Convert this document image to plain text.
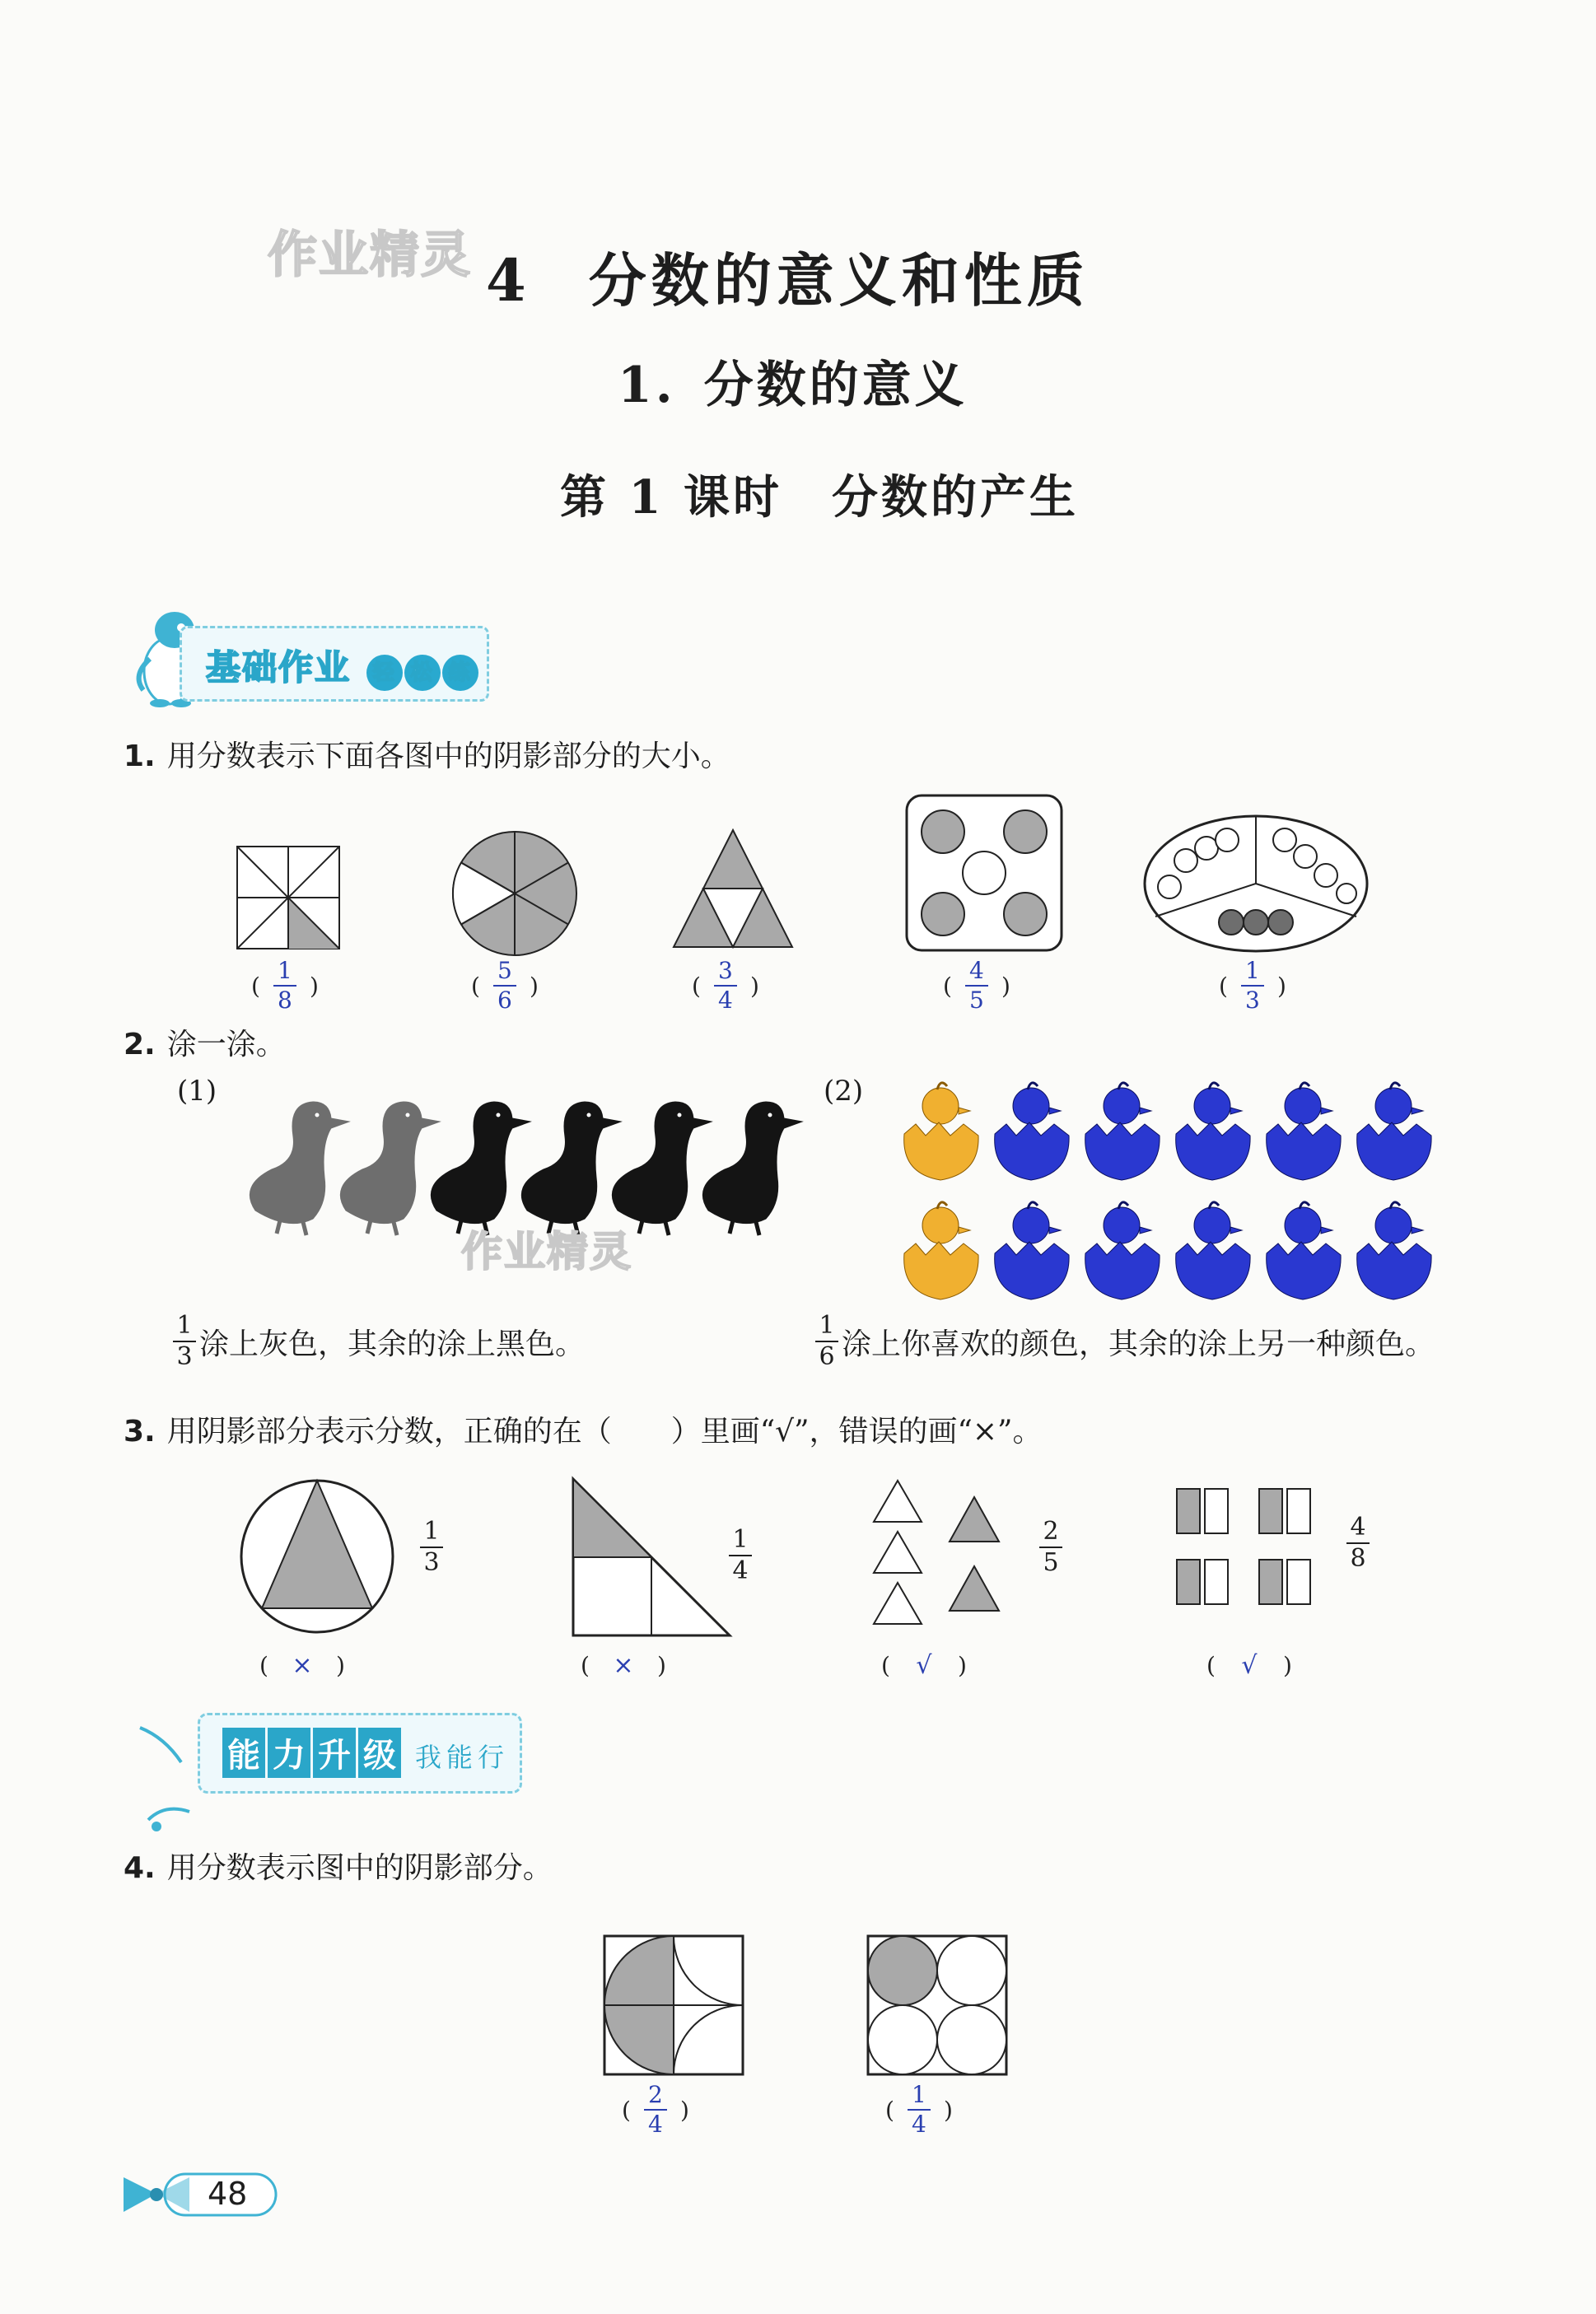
作业精灵 4 分数的意义和性质
1. 分数的意义
第 1 课时 分数的产生
基础作业 轻 松 练
1. 用分数表示下面各图中的阴影部分的大小。
( $\frac{1}{8}$ )	( $\frac{5}{6}$ )	( $\frac{3}{4}$ )	( $\frac{4}{5}$ )	( $\frac{1}{3}$ )
2. 涂一涂。
(1)	(2)
作业精灵
$\frac{1}{3}$ 涂上灰色，其余的涂上黑色。	$\frac{1}{6}$ 涂上你喜欢的颜色，其余的涂上另一种颜色。
3. 用阴影部分表示分数，正确的在（　　）里画“√”，错误的画“×”。
1
3
1
4
2
5
4
8
( ×	)	( ×	)	(	√	)	(	√	)
能 力 升 级 我能行
4. 用分数表示图中的阴影部分。
( $\frac{2}{4}$ )	( $\frac{1}{4}$ )
48
